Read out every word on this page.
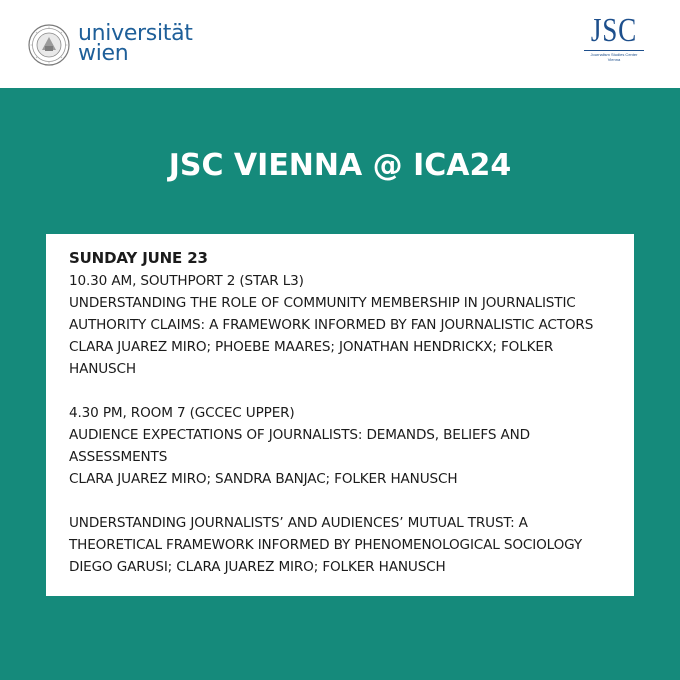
universität
wien
JSC
Journalism Studies Center
Vienna
JSC VIENNA @ ICA24
SUNDAY JUNE 23
10.30 AM, SOUTHPORT 2 (STAR L3)
UNDERSTANDING THE ROLE OF COMMUNITY MEMBERSHIP IN JOURNALISTIC
AUTHORITY CLAIMS: A FRAMEWORK INFORMED BY FAN JOURNALISTIC ACTORS
CLARA JUAREZ MIRO; PHOEBE MAARES; JONATHAN HENDRICKX; FOLKER
HANUSCH
4.30 PM, ROOM 7 (GCCEC UPPER)
AUDIENCE EXPECTATIONS OF JOURNALISTS: DEMANDS, BELIEFS AND
ASSESSMENTS
CLARA JUAREZ MIRO; SANDRA BANJAC; FOLKER HANUSCH
UNDERSTANDING JOURNALISTS’ AND AUDIENCES’ MUTUAL TRUST: A
THEORETICAL FRAMEWORK INFORMED BY PHENOMENOLOGICAL SOCIOLOGY
DIEGO GARUSI; CLARA JUAREZ MIRO; FOLKER HANUSCH
